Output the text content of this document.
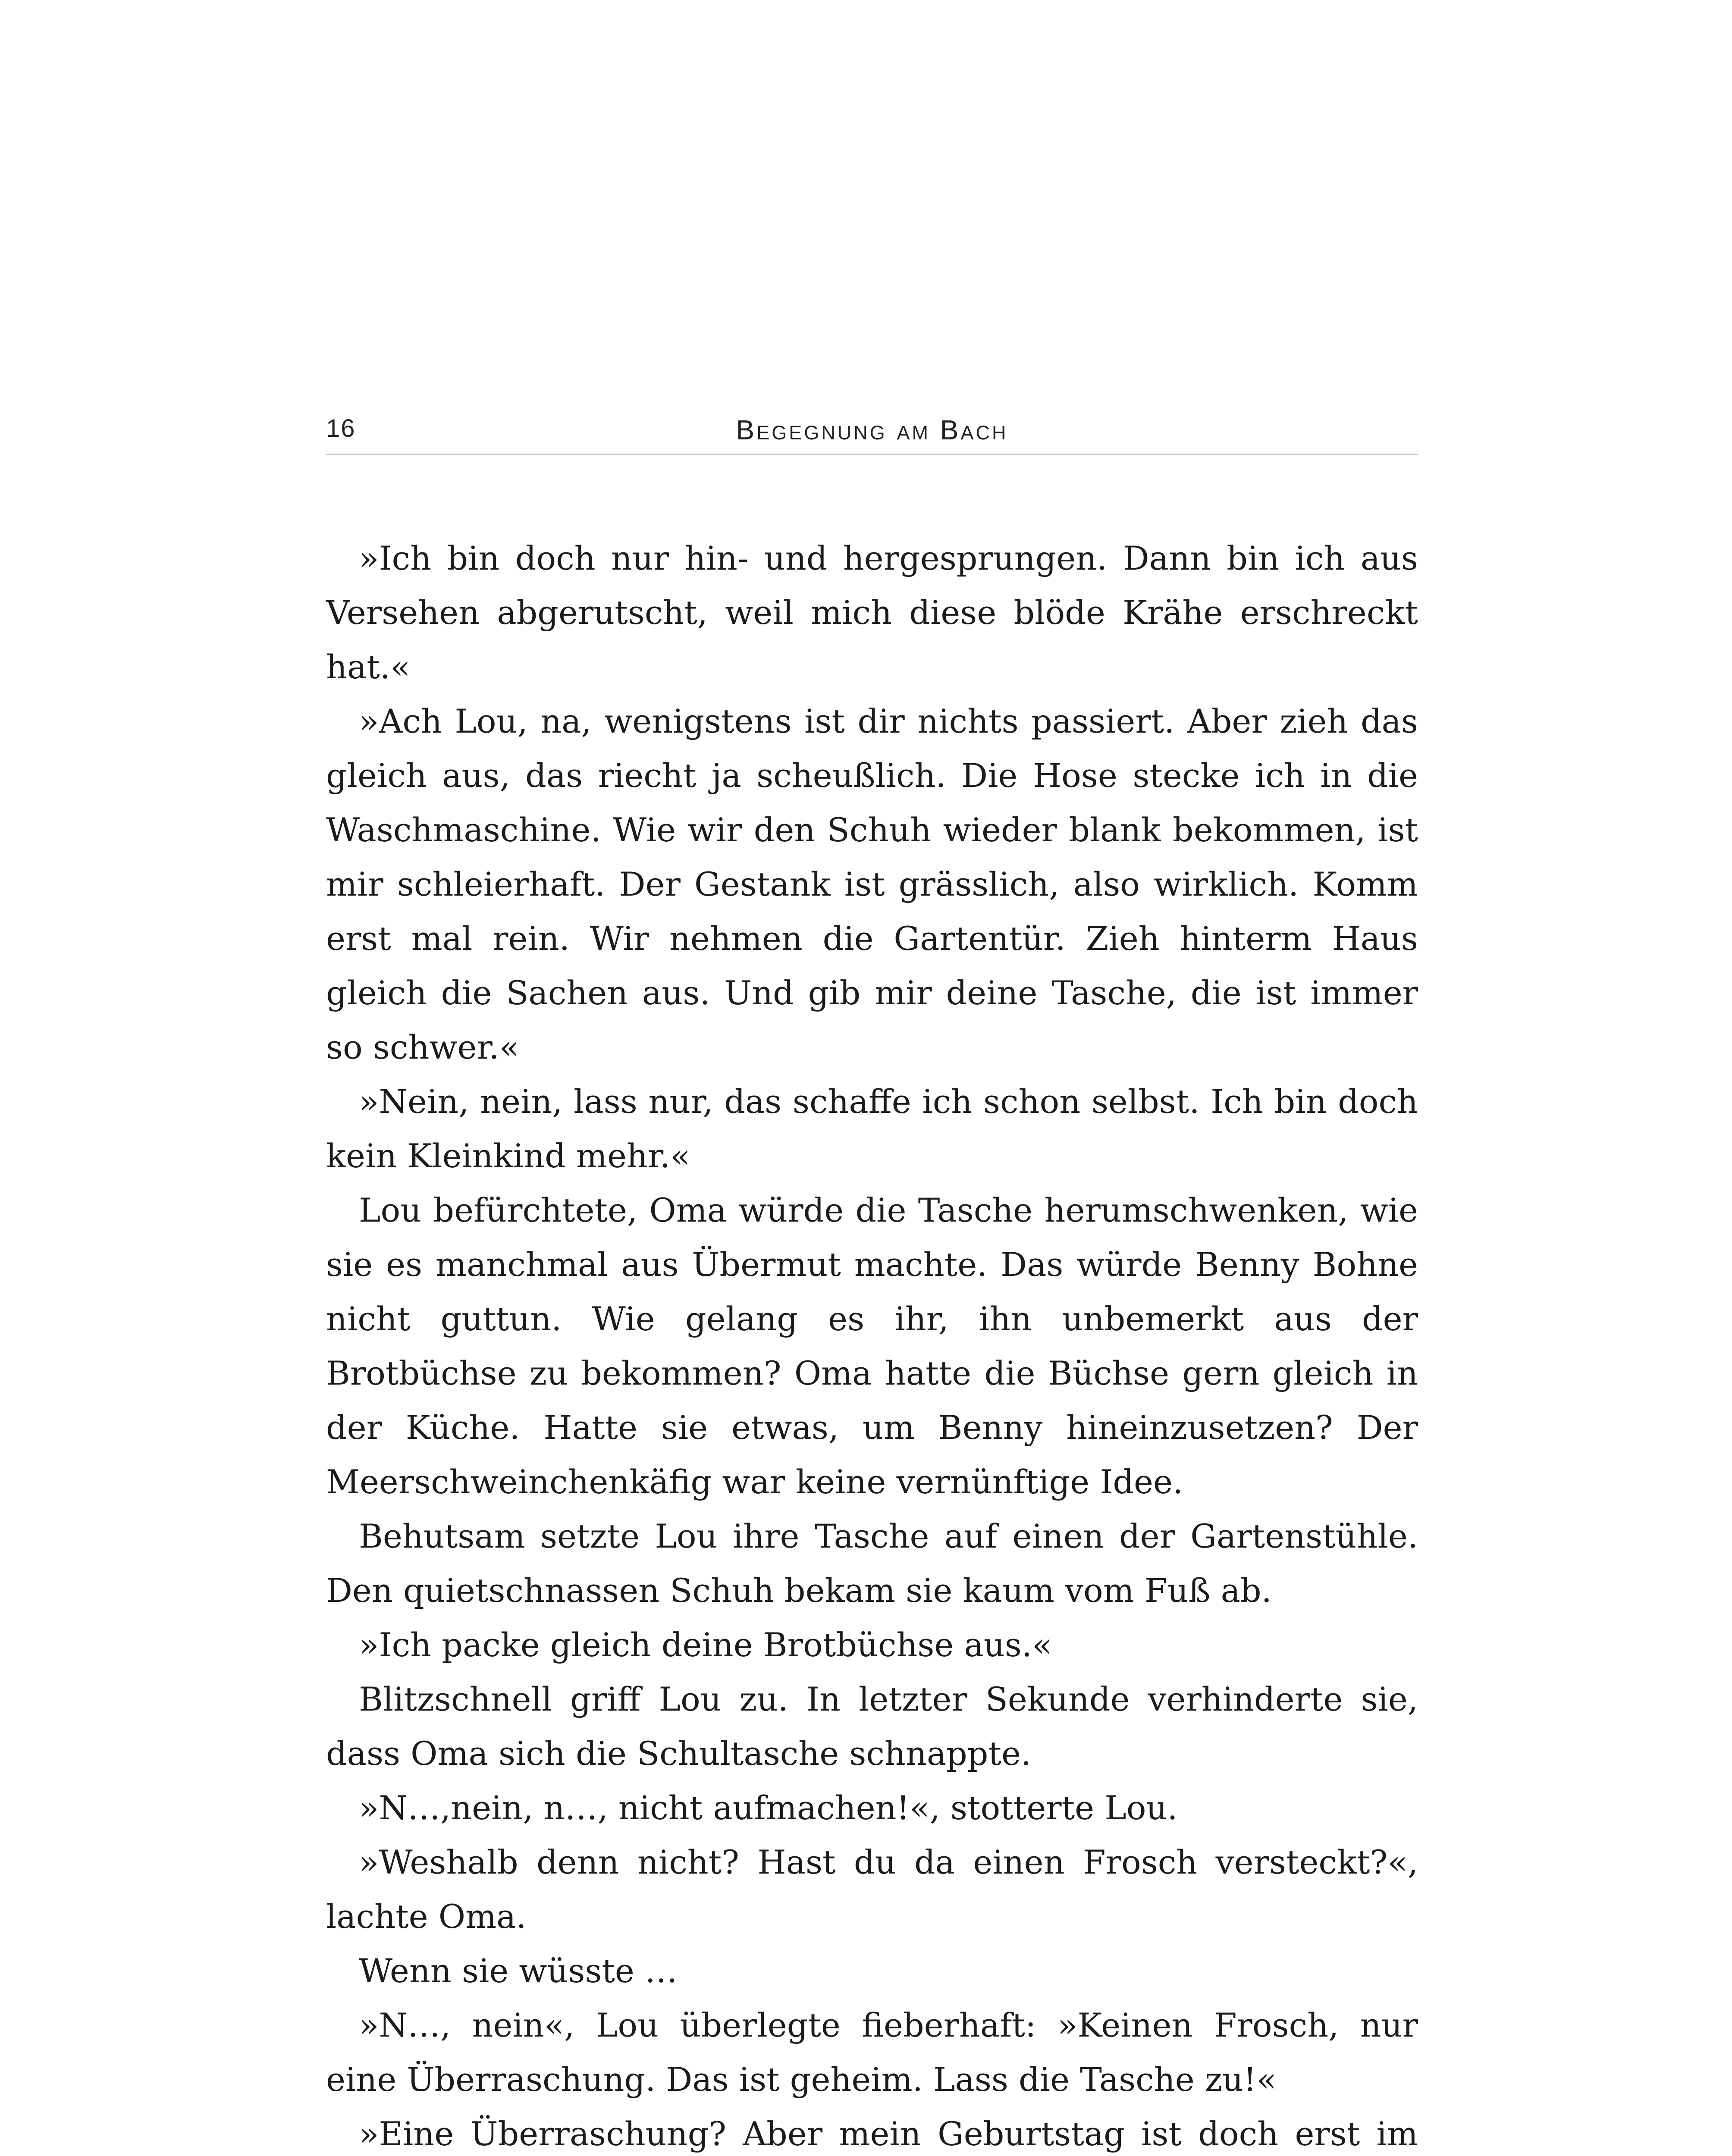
16	Begegnung am Bach

»Ich bin doch nur hin- und hergesprungen. Dann bin ich aus Versehen abgerutscht, weil mich diese blöde Krähe erschreckt hat.«

»Ach Lou, na, wenigstens ist dir nichts passiert. Aber zieh das gleich aus, das riecht ja scheußlich. Die Hose stecke ich in die Waschmaschine. Wie wir den Schuh wieder blank bekommen, ist mir schleierhaft. Der Gestank ist grässlich, also wirklich. Komm erst mal rein. Wir nehmen die Gartentür. Zieh hinterm Haus gleich die Sachen aus. Und gib mir deine Tasche, die ist immer so schwer.«

»Nein, nein, lass nur, das schaffe ich schon selbst. Ich bin doch kein Kleinkind mehr.«

Lou befürchtete, Oma würde die Tasche herumschwenken, wie sie es manchmal aus Übermut machte. Das würde Benny Bohne nicht guttun. Wie gelang es ihr, ihn unbemerkt aus der Brotbüchse zu bekommen? Oma hatte die Büchse gern gleich in der Küche. Hatte sie etwas, um Benny hineinzusetzen? Der Meerschweinchenkäfig war keine vernünftige Idee.

Behutsam setzte Lou ihre Tasche auf einen der Gartenstühle. Den quietschnassen Schuh bekam sie kaum vom Fuß ab.

»Ich packe gleich deine Brotbüchse aus.«

Blitzschnell griff Lou zu. In letzter Sekunde verhinderte sie, dass Oma sich die Schultasche schnappte.

»N…,nein, n…, nicht aufmachen!«, stotterte Lou.

»Weshalb denn nicht? Hast du da einen Frosch versteckt?«, lachte Oma.

Wenn sie wüsste …

»N…, nein«, Lou überlegte fieberhaft: »Keinen Frosch, nur eine Überraschung. Das ist geheim. Lass die Tasche zu!«

»Eine Überraschung? Aber mein Geburtstag ist doch erst im
